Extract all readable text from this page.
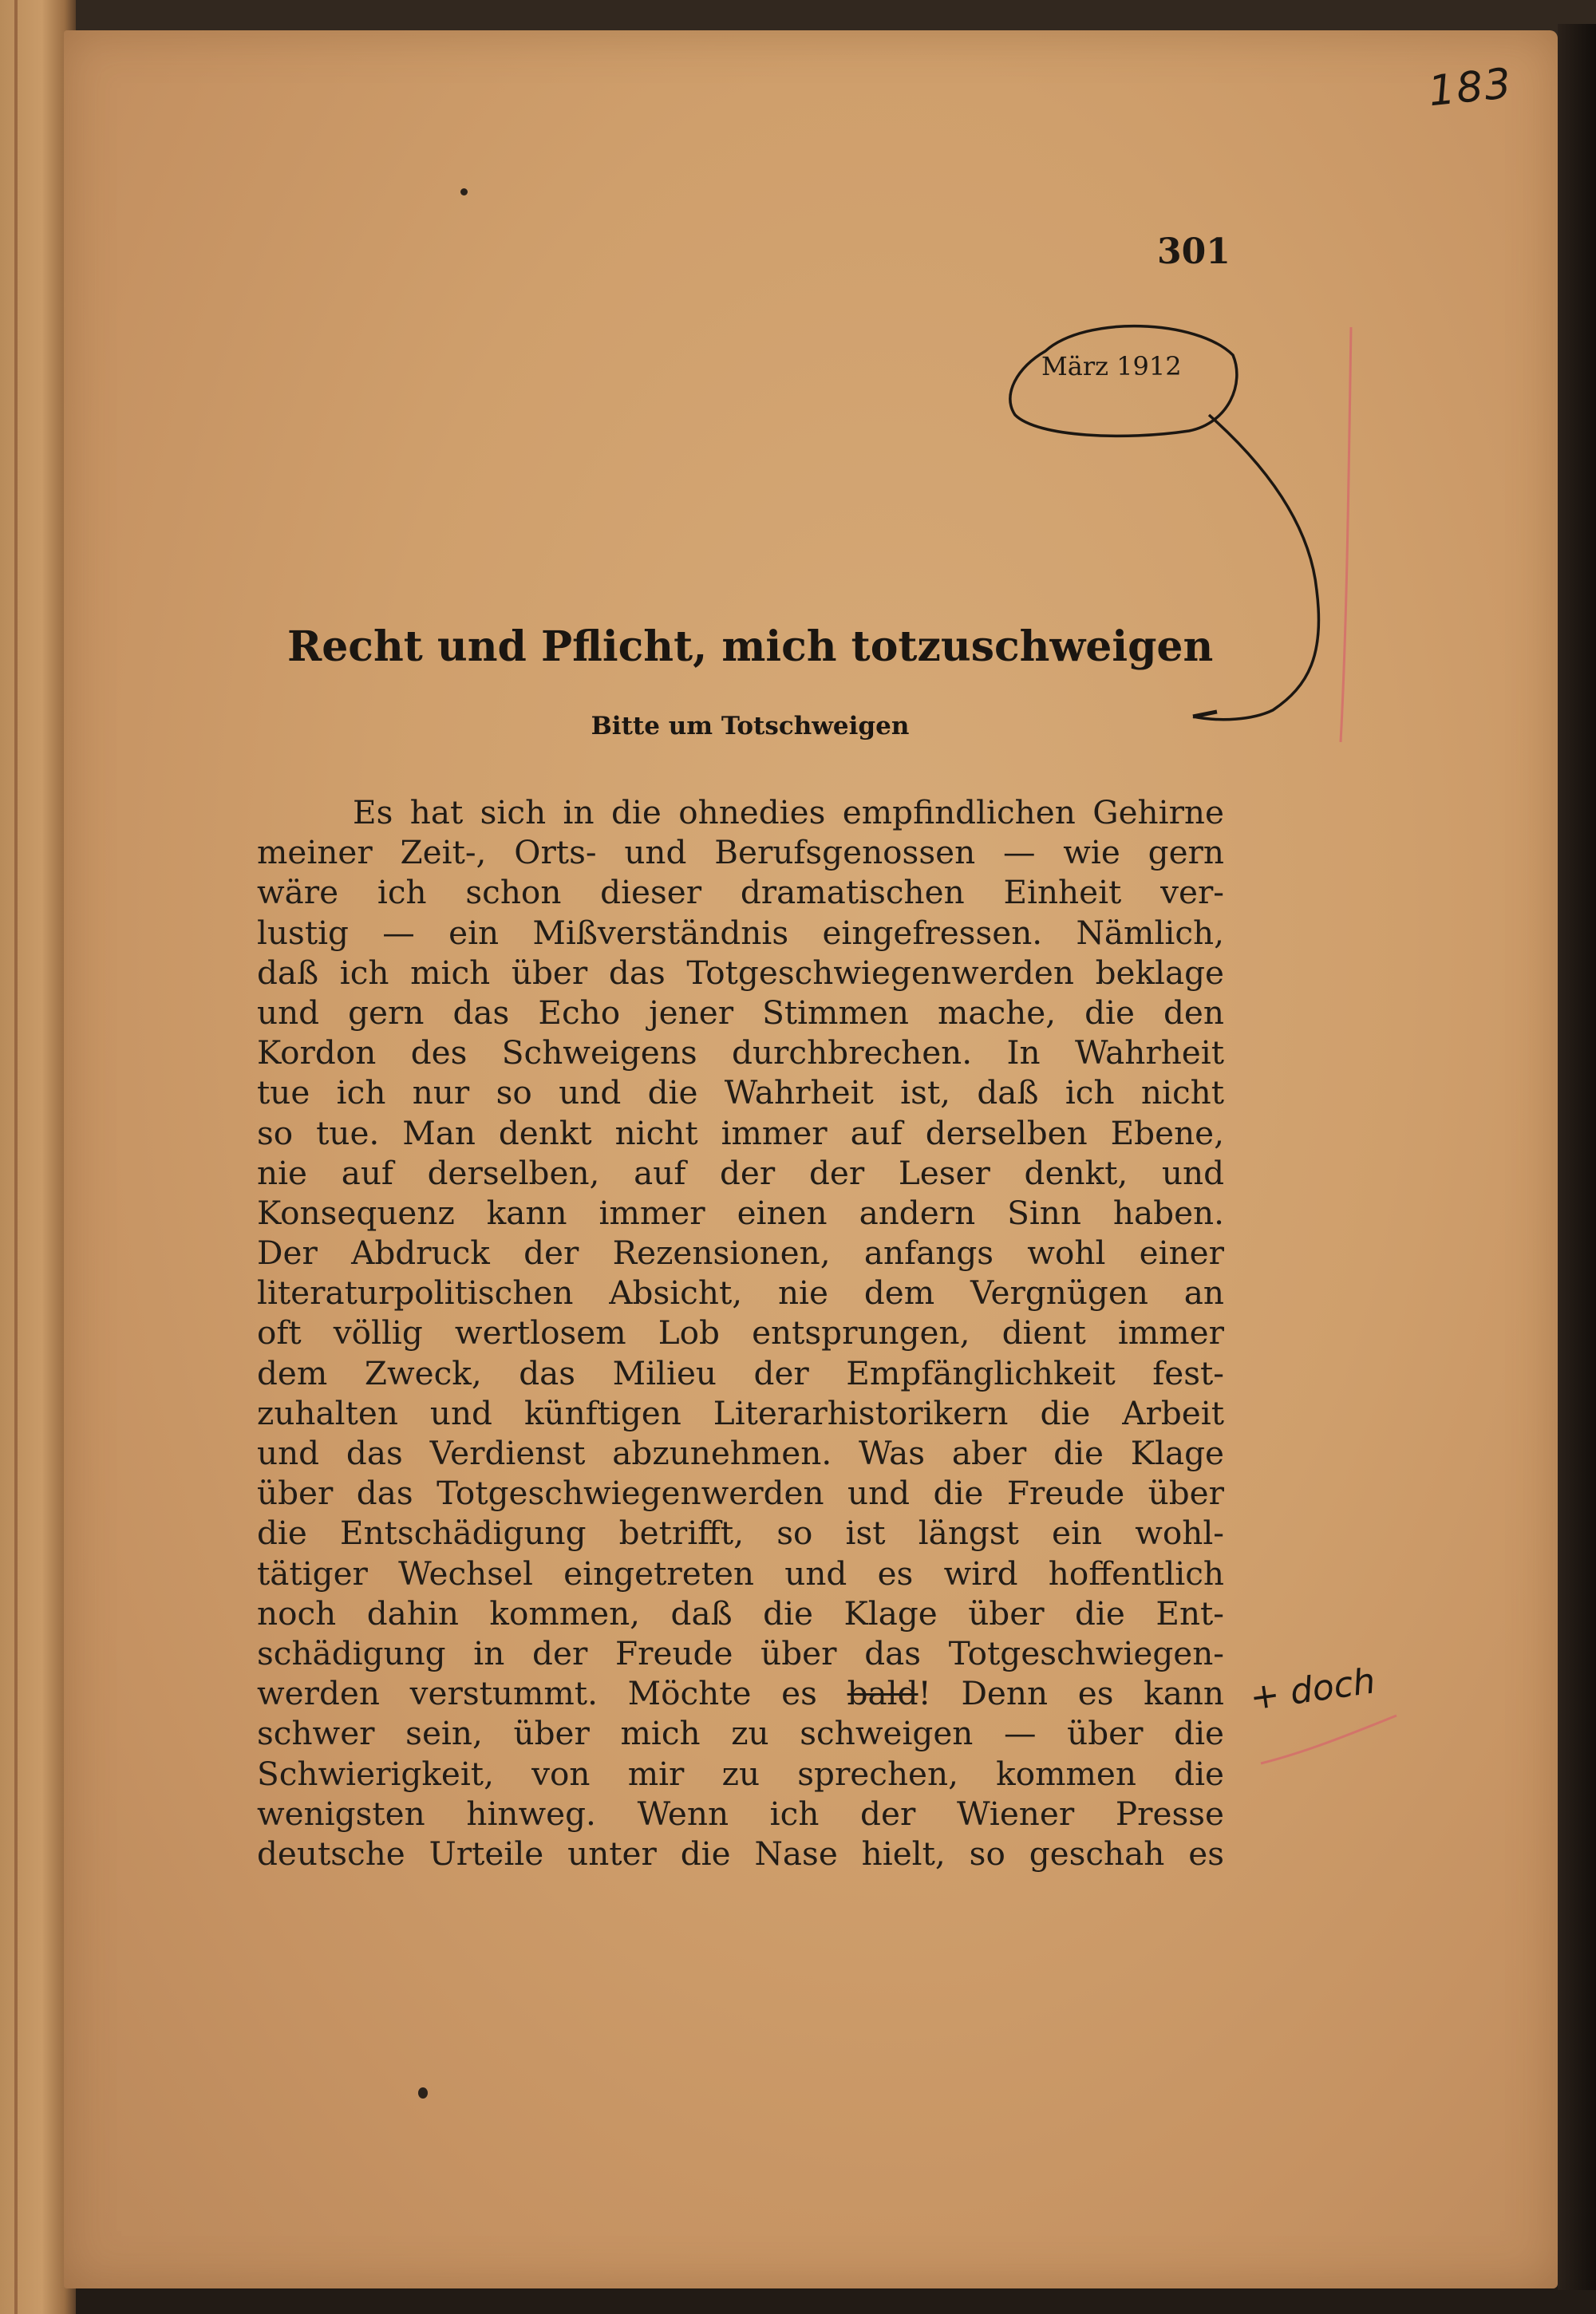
183
301
März 1912
Recht und Pflicht, mich totzuschweigen
Bitte um Totschweigen
Es hat sich in die ohnedies empfindlichen Gehirne
meiner Zeit-, Orts- und Berufsgenossen — wie gern
wäre ich schon dieser dramatischen Einheit ver-
lustig — ein Mißverständnis eingefressen. Nämlich,
daß ich mich über das Totgeschwiegenwerden beklage
und gern das Echo jener Stimmen mache, die den
Kordon des Schweigens durchbrechen. In Wahrheit
tue ich nur so und die Wahrheit ist, daß ich nicht
so tue. Man denkt nicht immer auf derselben Ebene,
nie auf derselben, auf der der Leser denkt, und
Konsequenz kann immer einen andern Sinn haben.
Der Abdruck der Rezensionen, anfangs wohl einer
literaturpolitischen Absicht, nie dem Vergnügen an
oft völlig wertlosem Lob entsprungen, dient immer
dem Zweck, das Milieu der Empfänglichkeit fest-
zuhalten und künftigen Literarhistorikern die Arbeit
und das Verdienst abzunehmen. Was aber die Klage
über das Totgeschwiegenwerden und die Freude über
die Entschädigung betrifft, so ist längst ein wohl-
tätiger Wechsel eingetreten und es wird hoffentlich
noch dahin kommen, daß die Klage über die Ent-
schädigung in der Freude über das Totgeschwiegen-
werden verstummt. Möchte es bald! Denn es kann
schwer sein, über mich zu schweigen — über die
Schwierigkeit, von mir zu sprechen, kommen die
wenigsten hinweg. Wenn ich der Wiener Presse
deutsche Urteile unter die Nase hielt, so geschah es
+ doch
